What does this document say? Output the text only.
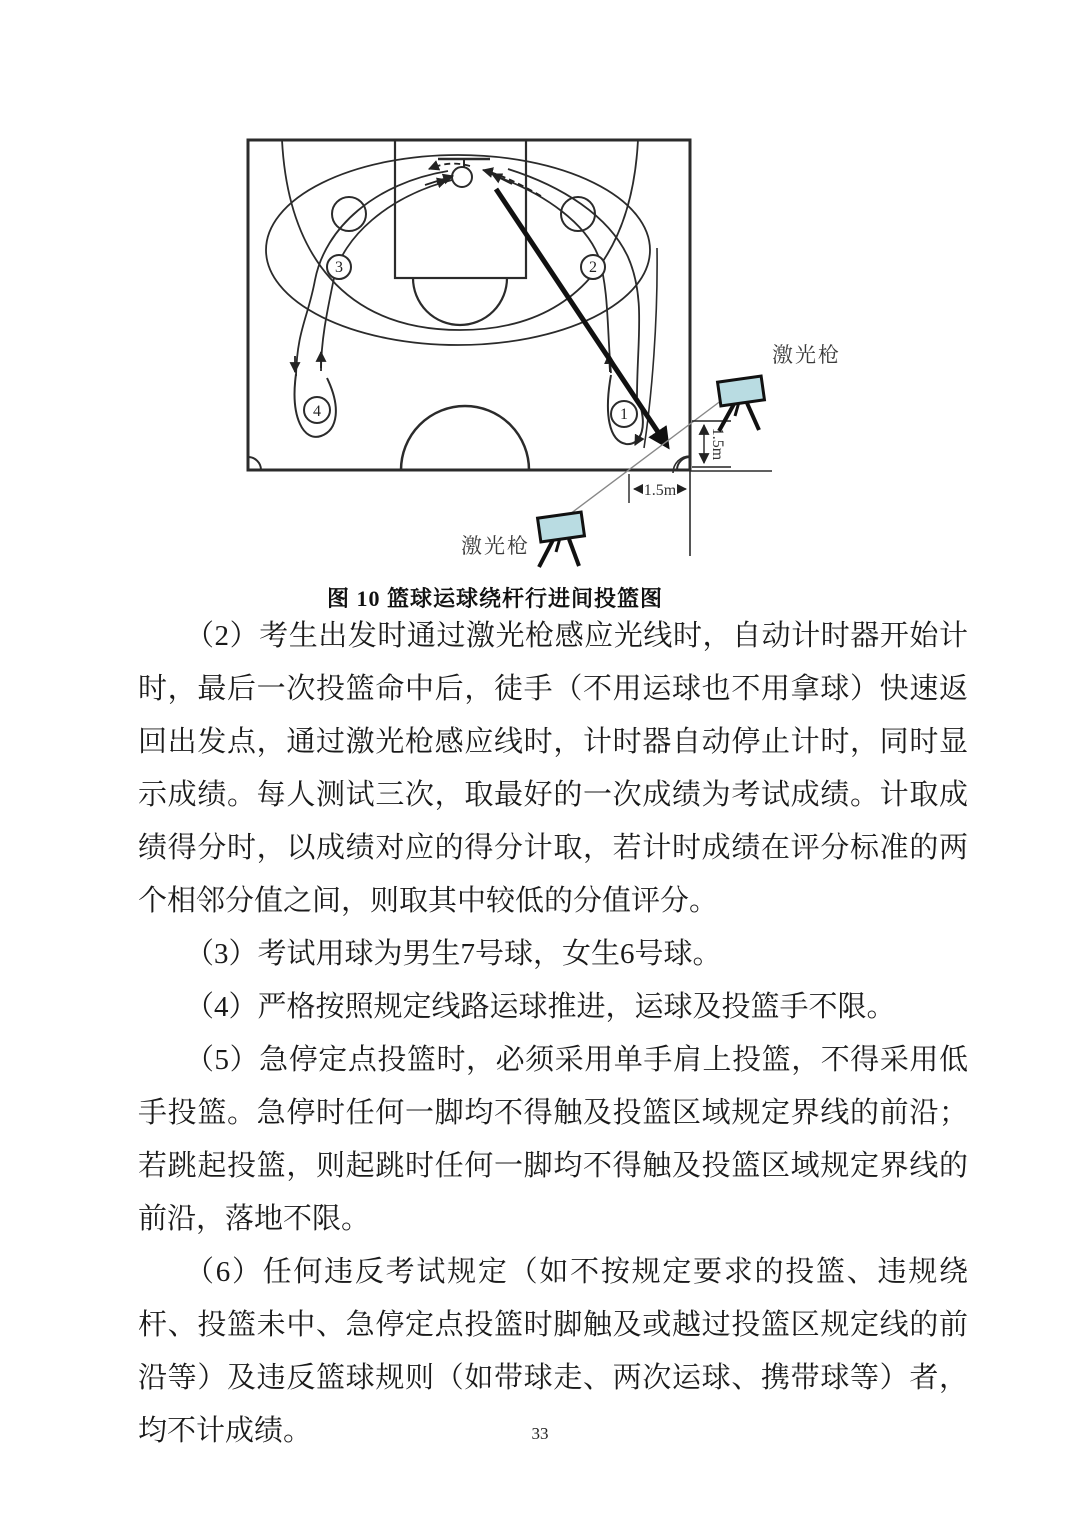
1
2
3
4
1.5m
1.5m
激光枪
激光枪
图 10 篮球运球绕杆行进间投篮图

（2）考生出发时通过激光枪感应光线时，自动计时器开始计时，最后一次投篮命中后，徒手（不用运球也不用拿球）快速返回出发点，通过激光枪感应线时，计时器自动停止计时，同时显示成绩。每人测试三次，取最好的一次成绩为考试成绩。计取成绩得分时，以成绩对应的得分计取，若计时成绩在评分标准的两个相邻分值之间，则取其中较低的分值评分。

（3）考试用球为男生7号球，女生6号球。

（4）严格按照规定线路运球推进，运球及投篮手不限。

（5）急停定点投篮时，必须采用单手肩上投篮，不得采用低手投篮。急停时任何一脚均不得触及投篮区域规定界线的前沿；若跳起投篮，则起跳时任何一脚均不得触及投篮区域规定界线的前沿，落地不限。

（6）任何违反考试规定（如不按规定要求的投篮、违规绕杆、投篮未中、急停定点投篮时脚触及或越过投篮区规定线的前沿等）及违反篮球规则（如带球走、两次运球、携带球等）者，均不计成绩。	33
